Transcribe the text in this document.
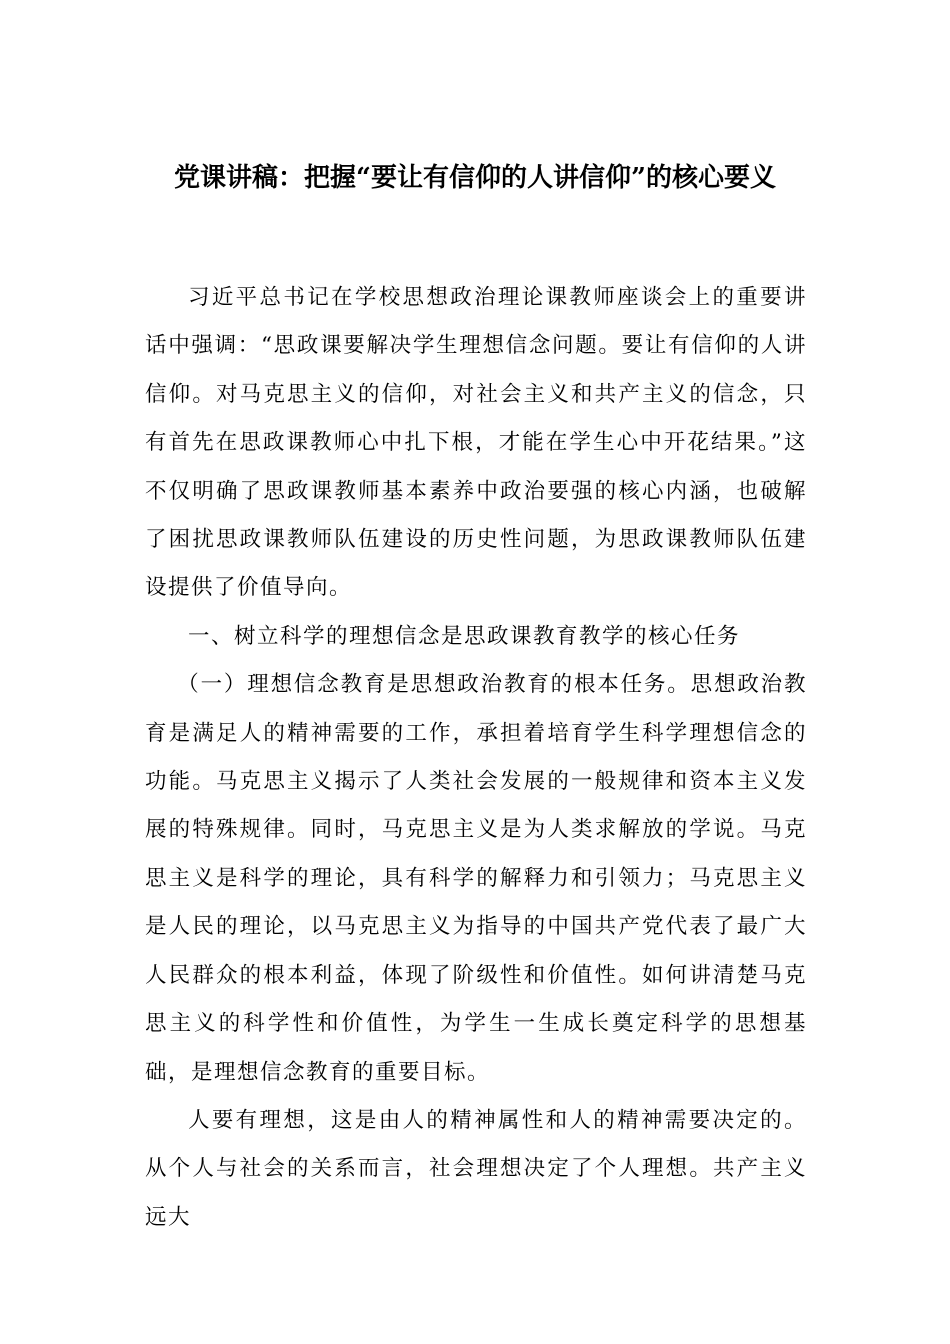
党课讲稿：把握“要让有信仰的人讲信仰”的核心要义

习近平总书记在学校思想政治理论课教师座谈会上的重要讲话中强调：“思政课要解决学生理想信念问题。要让有信仰的人讲信仰。对马克思主义的信仰，对社会主义和共产主义的信念，只有首先在思政课教师心中扎下根，才能在学生心中开花结果。”这不仅明确了思政课教师基本素养中政治要强的核心内涵，也破解了困扰思政课教师队伍建设的历史性问题，为思政课教师队伍建设提供了价值导向。

一、树立科学的理想信念是思政课教育教学的核心任务

（一）理想信念教育是思想政治教育的根本任务。思想政治教育是满足人的精神需要的工作，承担着培育学生科学理想信念的功能。马克思主义揭示了人类社会发展的一般规律和资本主义发展的特殊规律。同时，马克思主义是为人类求解放的学说。马克思主义是科学的理论，具有科学的解释力和引领力；马克思主义是人民的理论，以马克思主义为指导的中国共产党代表了最广大人民群众的根本利益，体现了阶级性和价值性。如何讲清楚马克思主义的科学性和价值性，为学生一生成长奠定科学的思想基础，是理想信念教育的重要目标。

人要有理想，这是由人的精神属性和人的精神需要决定的。从个人与社会的关系而言，社会理想决定了个人理想。共产主义远大
